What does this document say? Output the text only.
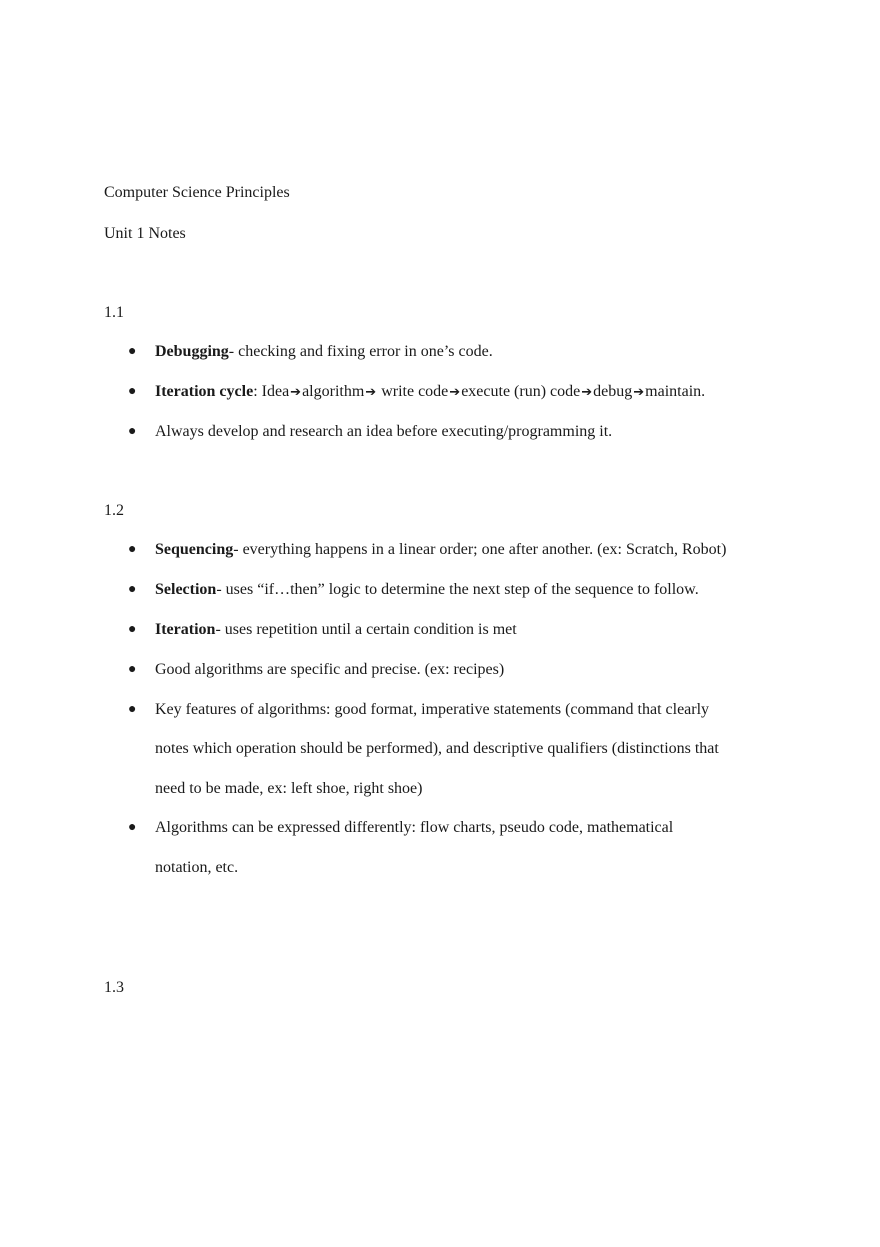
Computer Science Principles
Unit 1 Notes
1.1
● Debugging- checking and fixing error in one’s code.
● Iteration cycle: Idea➔algorithm➔ write code➔execute (run) code➔debug➔maintain.
● Always develop and research an idea before executing/programming it.
1.2
● Sequencing- everything happens in a linear order; one after another. (ex: Scratch, Robot)
● Selection- uses “if…then” logic to determine the next step of the sequence to follow.
● Iteration- uses repetition until a certain condition is met
● Good algorithms are specific and precise. (ex: recipes)
● Key features of algorithms: good format, imperative statements (command that clearly
notes which operation should be performed), and descriptive qualifiers (distinctions that
need to be made, ex: left shoe, right shoe)
● Algorithms can be expressed differently: flow charts, pseudo code, mathematical
notation, etc.
1.3
